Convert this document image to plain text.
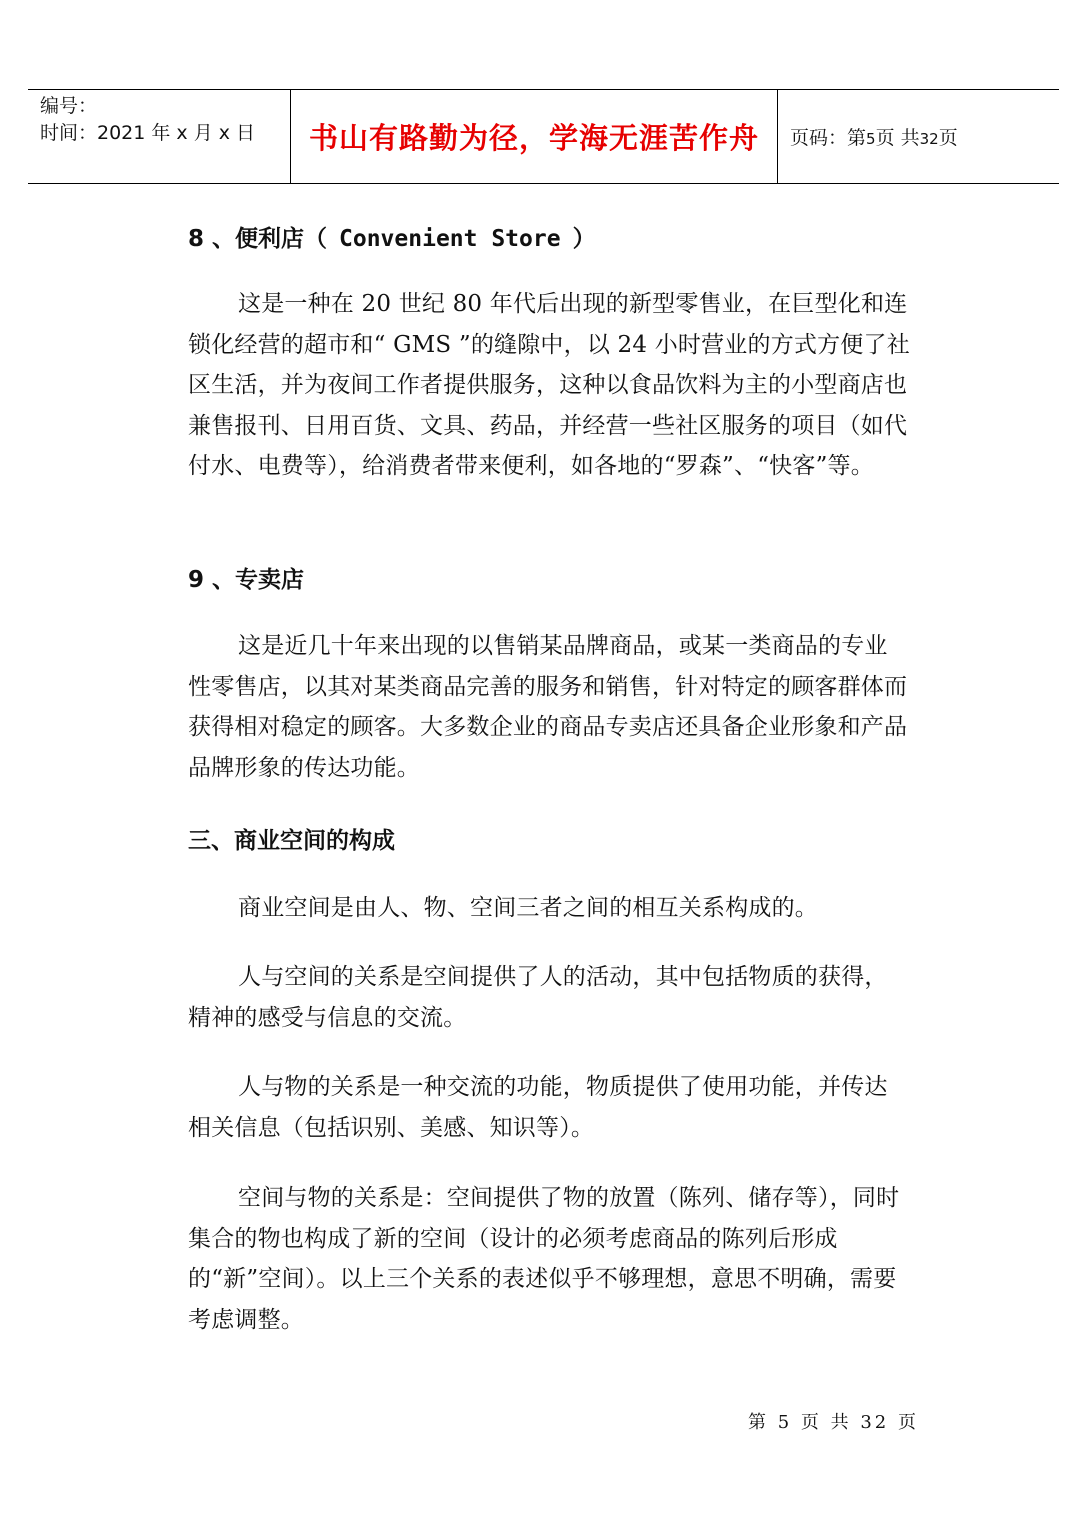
编号：
时间：2021 年 x 月 x 日 书山有路勤为径，学海无涯苦作舟	页码：第5页 共32页
8 、便利店（ Convenient Store ）
这是一种在 20 世纪 80 年代后出现的新型零售业，在巨型化和连锁化经营的超市和“ GMS ”的缝隙中，以 24 小时营业的方式方便了社区生活，并为夜间工作者提供服务，这种以食品饮料为主的小型商店也兼售报刊、日用百货、文具、药品，并经营一些社区服务的项目（如代付水、电费等），给消费者带来便利，如各地的“罗森”、“快客”等。
9 、专卖店
这是近几十年来出现的以售销某品牌商品，或某一类商品的专业性零售店，以其对某类商品完善的服务和销售，针对特定的顾客群体而获得相对稳定的顾客。大多数企业的商品专卖店还具备企业形象和产品品牌形象的传达功能。
三、商业空间的构成
商业空间是由人、物、空间三者之间的相互关系构成的。
人与空间的关系是空间提供了人的活动，其中包括物质的获得，精神的感受与信息的交流。
人与物的关系是一种交流的功能，物质提供了使用功能，并传达相关信息（包括识别、美感、知识等）。
空间与物的关系是：空间提供了物的放置（陈列、储存等），同时集合的物也构成了新的空间（设计的必须考虑商品的陈列后形成的“新”空间）。以上三个关系的表述似乎不够理想，意思不明确，需要考虑调整。
第 5 页 共 32 页
